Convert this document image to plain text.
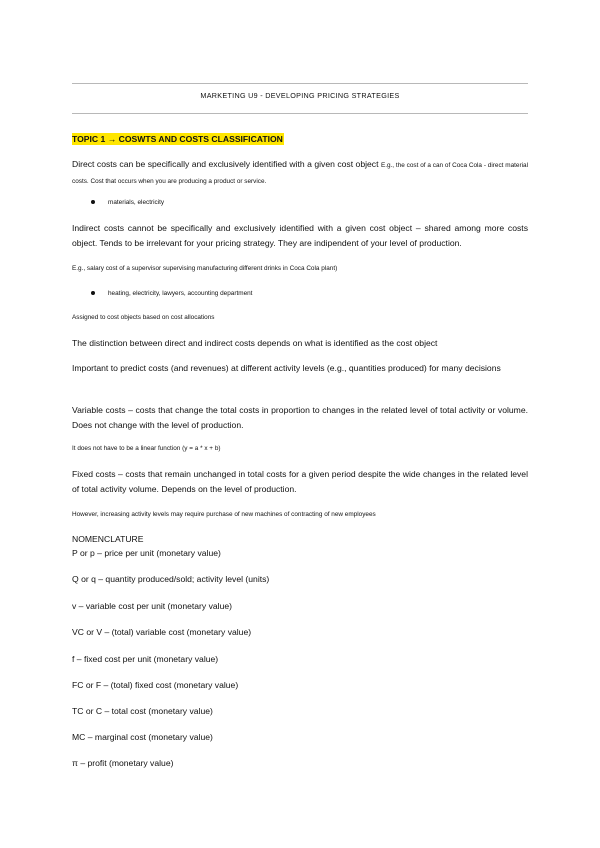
MARKETING U9 - DEVELOPING PRICING STRATEGIES
TOPIC 1 → COSWTS AND COSTS CLASSIFICATION

Direct costs can be specifically and exclusively identified with a given cost object E.g., the cost of a can of Coca Cola - direct material costs. Cost that occurs when you are producing a product or service.

materials, electricity

Indirect costs cannot be specifically and exclusively identified with a given cost object – shared among more costs object. Tends to be irrelevant for your pricing strategy. They are indipendent of your level of production.

E.g., salary cost of a supervisor supervising manufacturing different drinks in Coca Cola plant)

heating, electricity, lawyers, accounting department

Assigned to cost objects based on cost allocations

The distinction between direct and indirect costs depends on what is identified as the cost object

Important to predict costs (and revenues) at different activity levels (e.g., quantities produced) for many decisions

Variable costs – costs that change the total costs in proportion to changes in the related level of total activity or volume. Does not change with the level of production.

It does not have to be a linear function (y = a * x + b)

Fixed costs – costs that remain unchanged in total costs for a given period despite the wide changes in the related level of total activity volume. Depends on the level of production.

However, increasing activity levels may require purchase of new machines of contracting of new employees

NOMENCLATURE
P or p – price per unit (monetary value)
Q or q – quantity produced/sold; activity level (units)
v – variable cost per unit (monetary value)
VC or V – (total) variable cost (monetary value)
f – fixed cost per unit (monetary value)
FC or F – (total) fixed cost (monetary value)
TC or C – total cost (monetary value)
MC – marginal cost (monetary value)
π – profit (monetary value)
